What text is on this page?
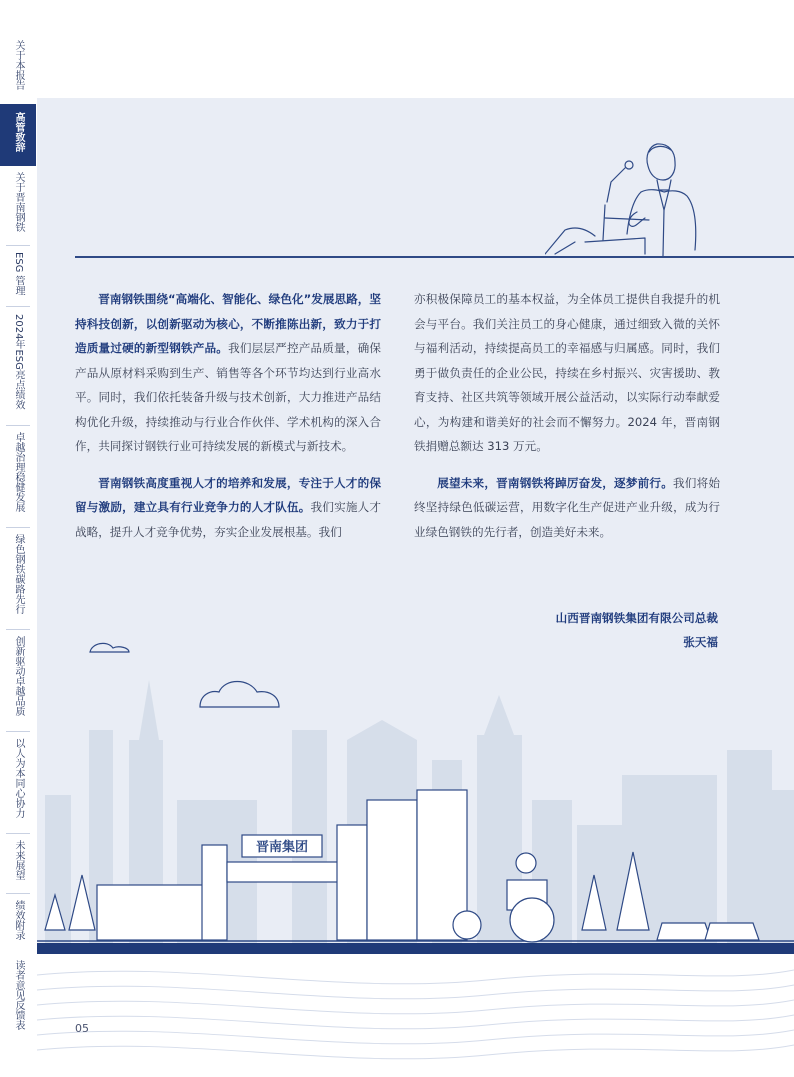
关于本报告
高管致辞
关于晋南钢铁
ESG 管理
2024年ESG亮点绩效
卓越治理稳健发展
绿色钢铁碳路先行
创新驱动卓越品质
以人为本同心协力
未来展望
绩效附录
读者意见反馈表

晋南钢铁围绕“高端化、智能化、绿色化”发展思路，坚持科技创新，以创新驱动为核心，不断推陈出新，致力于打造质量过硬的新型钢铁产品。我们层层严控产品质量，确保产品从原材料采购到生产、销售等各个环节均达到行业高水平。同时，我们依托装备升级与技术创新，大力推进产品结构优化升级，持续推动与行业合作伙伴、学术机构的深入合作，共同探讨钢铁行业可持续发展的新模式与新技术。

晋南钢铁高度重视人才的培养和发展，专注于人才的保留与激励，建立具有行业竞争力的人才队伍。我们实施人才战略，提升人才竞争优势，夯实企业发展根基。我们

亦积极保障员工的基本权益，为全体员工提供自我提升的机会与平台。我们关注员工的身心健康，通过细致入微的关怀与福利活动，持续提高员工的幸福感与归属感。同时，我们勇于做负责任的企业公民，持续在乡村振兴、灾害援助、教育支持、社区共筑等领域开展公益活动，以实际行动奉献爱心，为构建和谐美好的社会而不懈努力。2024 年，晋南钢铁捐赠总额达 313 万元。

展望未来，晋南钢铁将踔厉奋发，逐梦前行。我们将始终坚持绿色低碳运营，用数字化生产促进产业升级，成为行业绿色钢铁的先行者，创造美好未来。

山西晋南钢铁集团有限公司总裁
张天福
晋南集团
05
